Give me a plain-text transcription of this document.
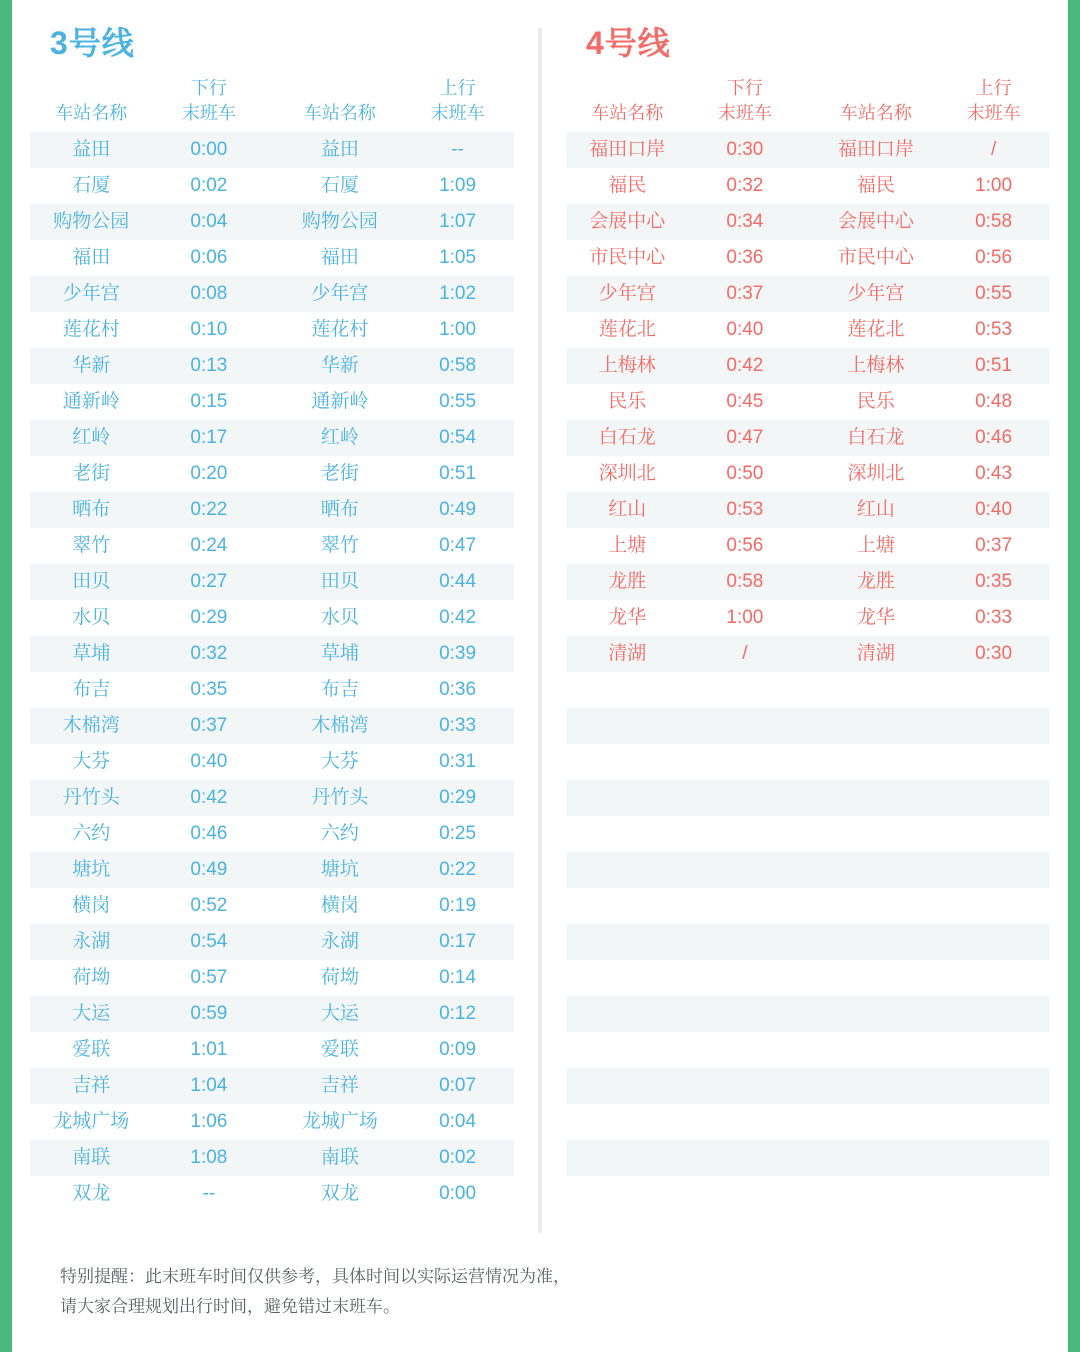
3号线

车站名称
下行
末班车
	车站名称
上行
末班车
益田	0:00	益田	--
石厦	0:02	石厦	1:09
购物公园	0:04	购物公园	1:07
福田	0:06	福田	1:05
少年宫	0:08	少年宫	1:02
莲花村	0:10	莲花村	1:00
华新	0:13	华新	0:58
通新岭	0:15	通新岭	0:55
红岭	0:17	红岭	0:54
老街	0:20	老街	0:51
晒布	0:22	晒布	0:49
翠竹	0:24	翠竹	0:47
田贝	0:27	田贝	0:44
水贝	0:29	水贝	0:42
草埔	0:32	草埔	0:39
布吉	0:35	布吉	0:36
木棉湾	0:37	木棉湾	0:33
大芬	0:40	大芬	0:31
丹竹头	0:42	丹竹头	0:29
六约	0:46	六约	0:25
塘坑	0:49	塘坑	0:22
横岗	0:52	横岗	0:19
永湖	0:54	永湖	0:17
荷坳	0:57	荷坳	0:14
大运	0:59	大运	0:12
爱联	1:01	爱联	0:09
吉祥	1:04	吉祥	0:07
龙城广场	1:06	龙城广场	0:04
南联	1:08	南联	0:02
双龙	--	双龙	0:00
4号线

车站名称
下行
末班车
	车站名称
上行
末班车
福田口岸	0:30	福田口岸	/
福民	0:32	福民	1:00
会展中心	0:34	会展中心	0:58
市民中心	0:36	市民中心	0:56
少年宫	0:37	少年宫	0:55
莲花北	0:40	莲花北	0:53
上梅林	0:42	上梅林	0:51
民乐	0:45	民乐	0:48
白石龙	0:47	白石龙	0:46
深圳北	0:50	深圳北	0:43
红山	0:53	红山	0:40
上塘	0:56	上塘	0:37
龙胜	0:58	龙胜	0:35
龙华	1:00	龙华	0:33
清湖	/	清湖	0:30
特别提醒：此末班车时间仅供参考，具体时间以实际运营情况为准，
请大家合理规划出行时间，避免错过末班车。
